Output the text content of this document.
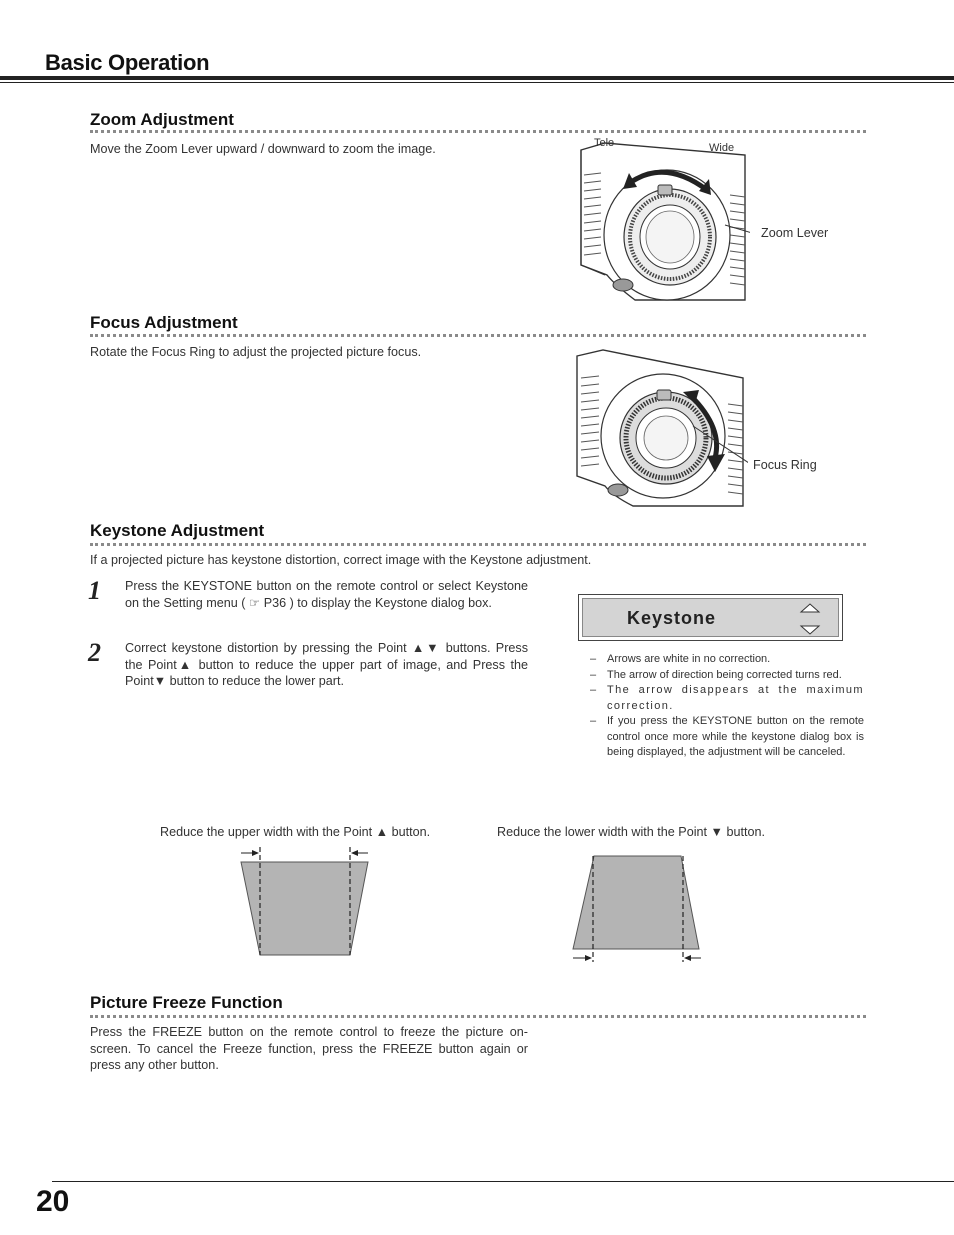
Basic Operation
Zoom Adjustment
Move the Zoom Lever upward / downward to zoom the image.	Tele	Wide
Zoom Lever
Focus Adjustment
Rotate the Focus Ring to adjust the projected picture focus.
Focus Ring
Keystone Adjustment
If a projected picture has keystone distortion, correct image with the Keystone adjustment.
1 Press the KEYSTONE button on the remote control or select Keystone on the Setting menu ( ☞ P36 ) to display the Keystone dialog box.
2 Correct keystone distortion by pressing the Point ▲▼ buttons. Press the Point▲ button to reduce the upper part of image, and Press the Point▼ button to reduce the lower part.
Keystone
– Arrows are white in no correction.
– The arrow of direction being corrected turns red.
– The arrow disappears at the maximum correction.
– If you press the KEYSTONE button on the remote control once more while the keystone dialog box is being displayed, the adjustment will be canceled.
Reduce the upper width with the Point ▲ button.	Reduce the lower width with the Point ▼ button.
Picture Freeze Function
Press the FREEZE button on the remote control to freeze the picture on-screen. To cancel the Freeze function, press the FREEZE button again or press any other button.
20
